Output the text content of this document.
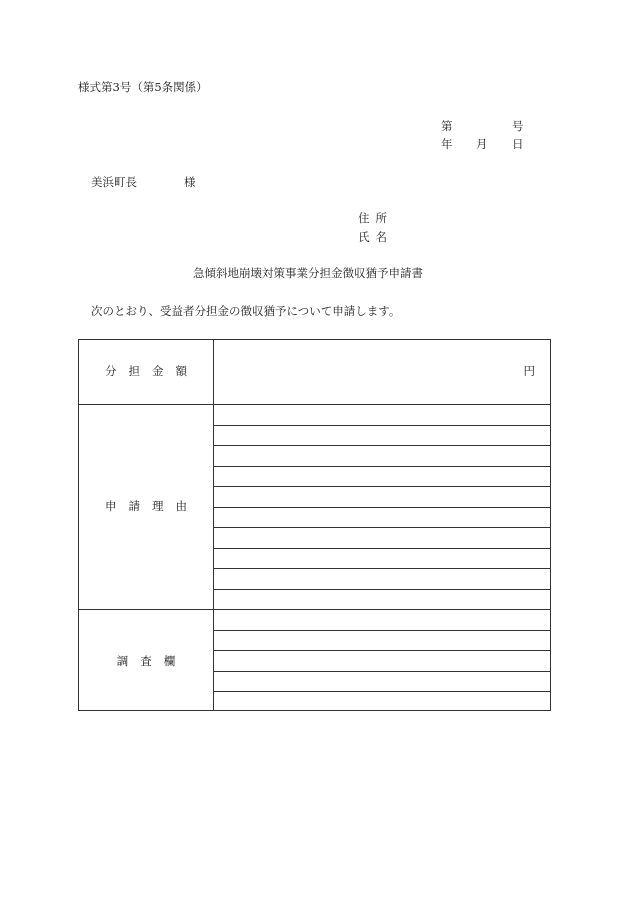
様式第3号（第5条関係）
第	号
年 月 日
美浜町長	様
住所
氏名
急傾斜地崩壊対策事業分担金徴収猶予申請書
次のとおり、受益者分担金の徴収猶予について申請します。
分担金額	円
申請理由
調査欄
